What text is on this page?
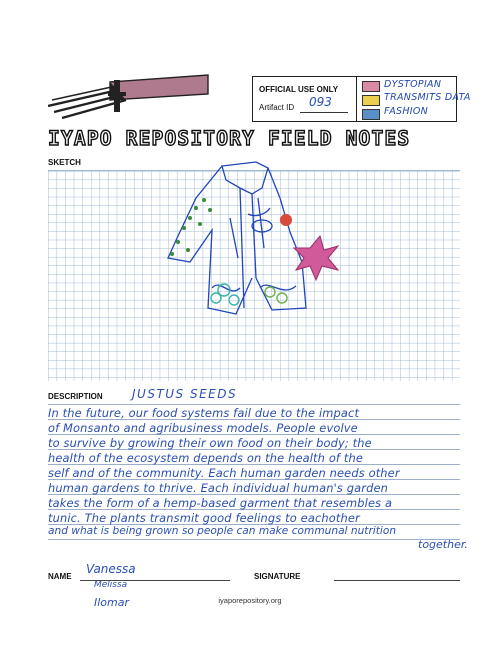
OFFICIAL USE ONLY
Artifact ID 093
DYSTOPIAN
TRANSMITS DATA
FASHION
IYAPO REPOSITORY FIELD NOTES
SKETCH
DESCRIPTION JUSTUS SEEDS
In the future, our food systems fail due to the impact
of Monsanto and agribusiness models. People evolve
to survive by growing their own food on their body; the
health of the ecosystem depends on the health of the
self and of the community. Each human garden needs other
human gardens to thrive. Each individual human's garden
takes the form of a hemp-based garment that resembles a
tunic. The plants transmit good feelings to eachother
and what is being grown so people can make communal nutrition
together.
NAME	SIGNATURE
Vanessa
Melissa
Ilomar	iyaporepository.org
